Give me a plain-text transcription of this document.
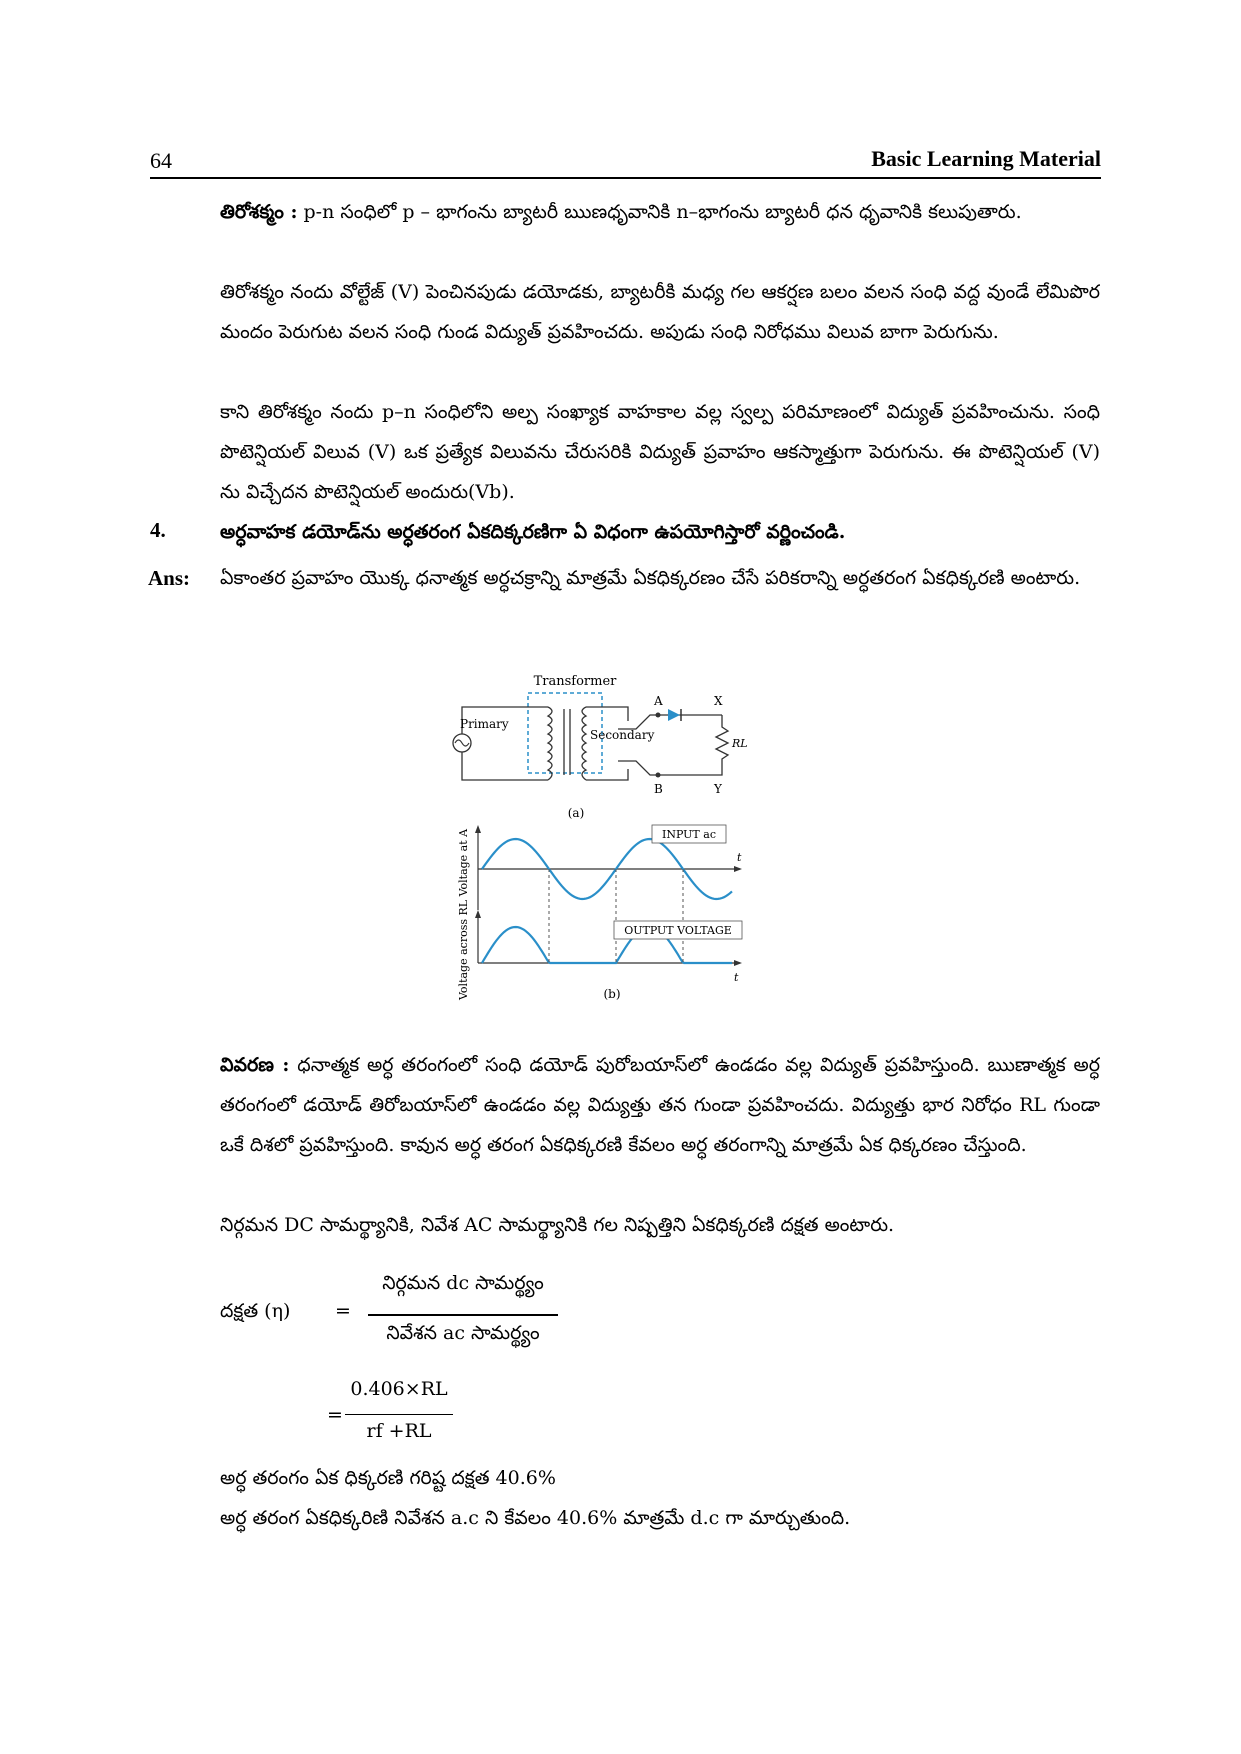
64	Basic Learning Material
తిరోశక్మం : p-n సంధిలో p – భాగంను బ్యాటరీ ఋణధృవానికి n–భాగంను బ్యాటరీ ధన ధృవానికి కలుపుతారు.
తిరోశక్మం నందు వోల్టేజ్ (V) పెంచినపుడు డయోడకు, బ్యాటరీకి మధ్య గల ఆకర్షణ బలం వలన సంధి వద్ద వుండే లేమిపొర మందం పెరుగుట వలన సంధి గుండ విద్యుత్ ప్రవహించదు. అపుడు సంధి నిరోధము విలువ బాగా పెరుగును.
కాని తిరోశక్మం నందు p–n సంధిలోని అల్ప సంఖ్యాక వాహకాల వల్ల స్వల్ప పరిమాణంలో విద్యుత్ ప్రవహించును. సంధి పొటెన్షియల్ విలువ (V) ఒక ప్రత్యేక విలువను చేరుసరికి విద్యుత్ ప్రవాహం ఆకస్మాత్తుగా పెరుగును. ఈ పొటెన్షియల్ (V) ను విచ్చేదన పొటెన్షియల్ అందురు(Vb).
4.	అర్ధవాహక డయోడ్‌ను అర్ధతరంగ ఏకదిక్కరణిగా ఏ విధంగా ఉపయోగిస్తారో వర్ణించండి.
Ans: ఏకాంతర ప్రవాహం యొక్క ధనాత్మక అర్ధచక్రాన్ని మాత్రమే ఏకధిక్కరణం చేసే పరికరాన్ని అర్ధతరంగ ఏకధిక్కరణి అంటారు.
Transformer
Primary
Secondary
A
B
X
RL
Y
(a)
Voltage across RL Voltage at A	t
INPUT ac
t
OUTPUT VOLTAGE
(b)
వివరణ : ధనాత్మక అర్ధ తరంగంలో సంధి డయోడ్ పురోబయాస్‌లో ఉండడం వల్ల విద్యుత్ ప్రవహిస్తుంది. ఋణాత్మక అర్ధ తరంగంలో డయోడ్ తిరోబయాస్‌లో ఉండడం వల్ల విద్యుత్తు తన గుండా ప్రవహించదు. విద్యుత్తు భార నిరోధం RL గుండా ఒకే దిశలో ప్రవహిస్తుంది. కావున అర్ధ తరంగ ఏకధిక్కరణి కేవలం అర్ధ తరంగాన్ని మాత్రమే ఏక ధిక్కరణం చేస్తుంది.
నిర్గమన DC సామర్థ్యానికి, నివేశ AC సామర్థ్యానికి గల నిష్పత్తిని ఏకధిక్కరణి దక్షత అంటారు.
దక్షత (η) =
నిర్గమన dc సామర్థ్యం
నివేశన ac సామర్థ్యం
=
0.406×RL
rf +RL
అర్ధ తరంగం ఏక ధిక్కరణి గరిష్ట దక్షత 40.6%
అర్ధ తరంగ ఏకధిక్కరిణి నివేశన a.c ని కేవలం 40.6% మాత్రమే d.c గా మార్చుతుంది.
